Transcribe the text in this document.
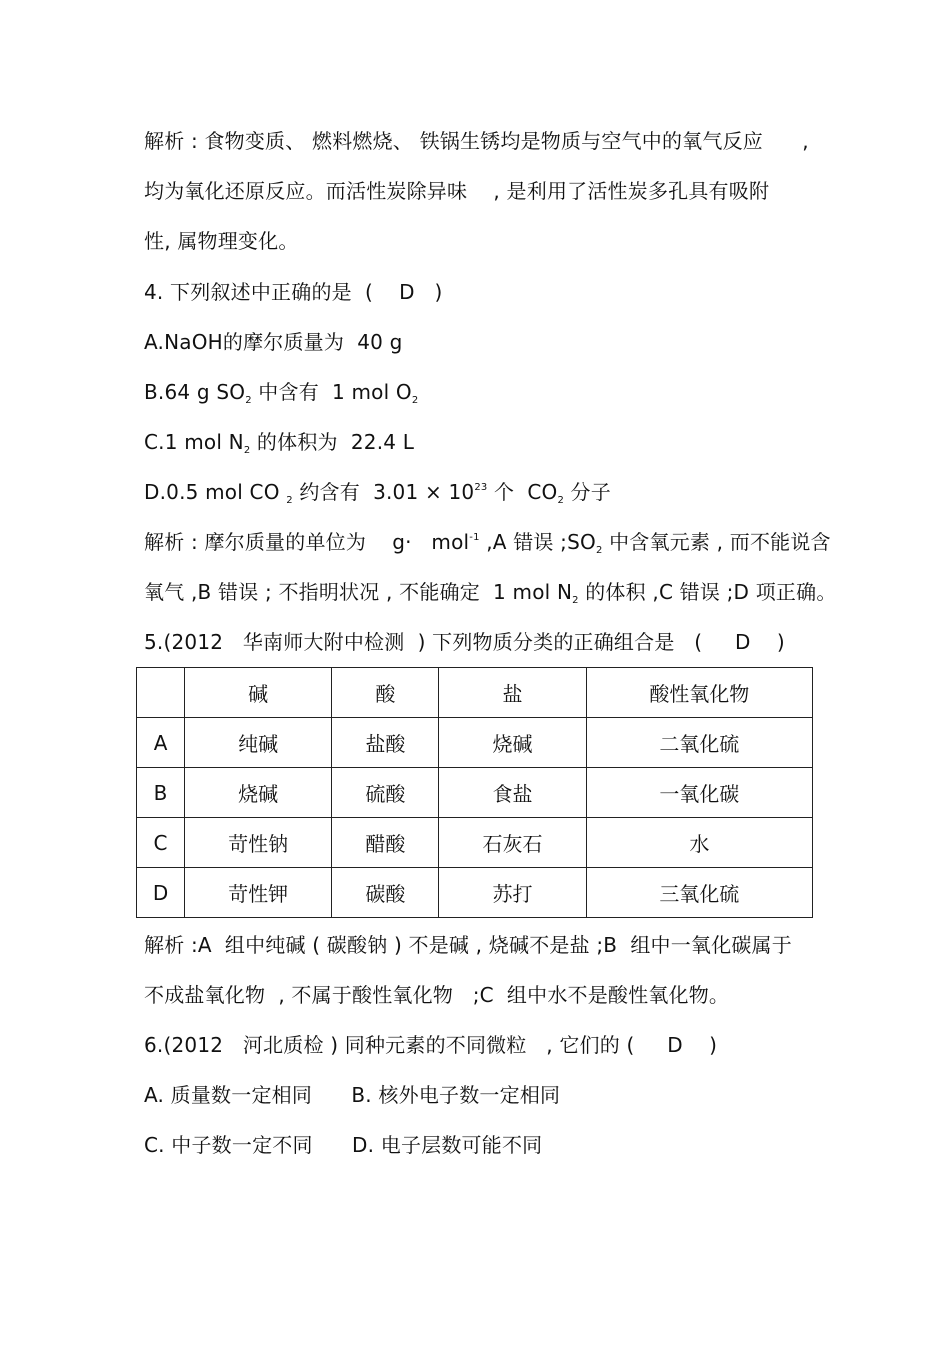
解析 : 食物变质、 燃料燃烧、 铁锅生锈均是物质与空气中的氧气反应      ,
均为氧化还原反应。而活性炭除异味    , 是利用了活性炭多孔具有吸附
性, 属物理变化。
4. 下列叙述中正确的是  (    D   )
A.NaOH的摩尔质量为  40 g
B.64 g $SO_2$ 中含有  1 mol $O_2$
C.1 mol $N_2$ 的体积为  22.4 L
D.0.5 mol CO $_2$ 约含有  $3.01 \times 10^{23}$ 个  $CO_2$ 分子
解析 : 摩尔质量的单位为    g·   mol$^{-1}$ ,A 错误 $;SO_2$ 中含氧元素 , 而不能说含
氧气 ,B 错误 ; 不指明状况 , 不能确定  1 mol $N_2$ 的体积 ,C 错误 ;D 项正确。
5.(2012   华南师大附中检测  ) 下列物质分类的正确组合是   (     D    )
	碱	酸	盐	酸性氧化物
A	纯碱	盐酸	烧碱	二氧化硫
B	烧碱	硫酸	食盐	一氧化碳
C	苛性钠	醋酸	石灰石	水
D	苛性钾	碳酸	苏打	三氧化硫
解析 :A  组中纯碱 ( 碳酸钠 ) 不是碱 , 烧碱不是盐 ;B  组中一氧化碳属于
不成盐氧化物  , 不属于酸性氧化物   ;C  组中水不是酸性氧化物。
6.(2012   河北质检 ) 同种元素的不同微粒   , 它们的 (     D    )
A. 质量数一定相同      B. 核外电子数一定相同
C. 中子数一定不同      D. 电子层数可能不同
